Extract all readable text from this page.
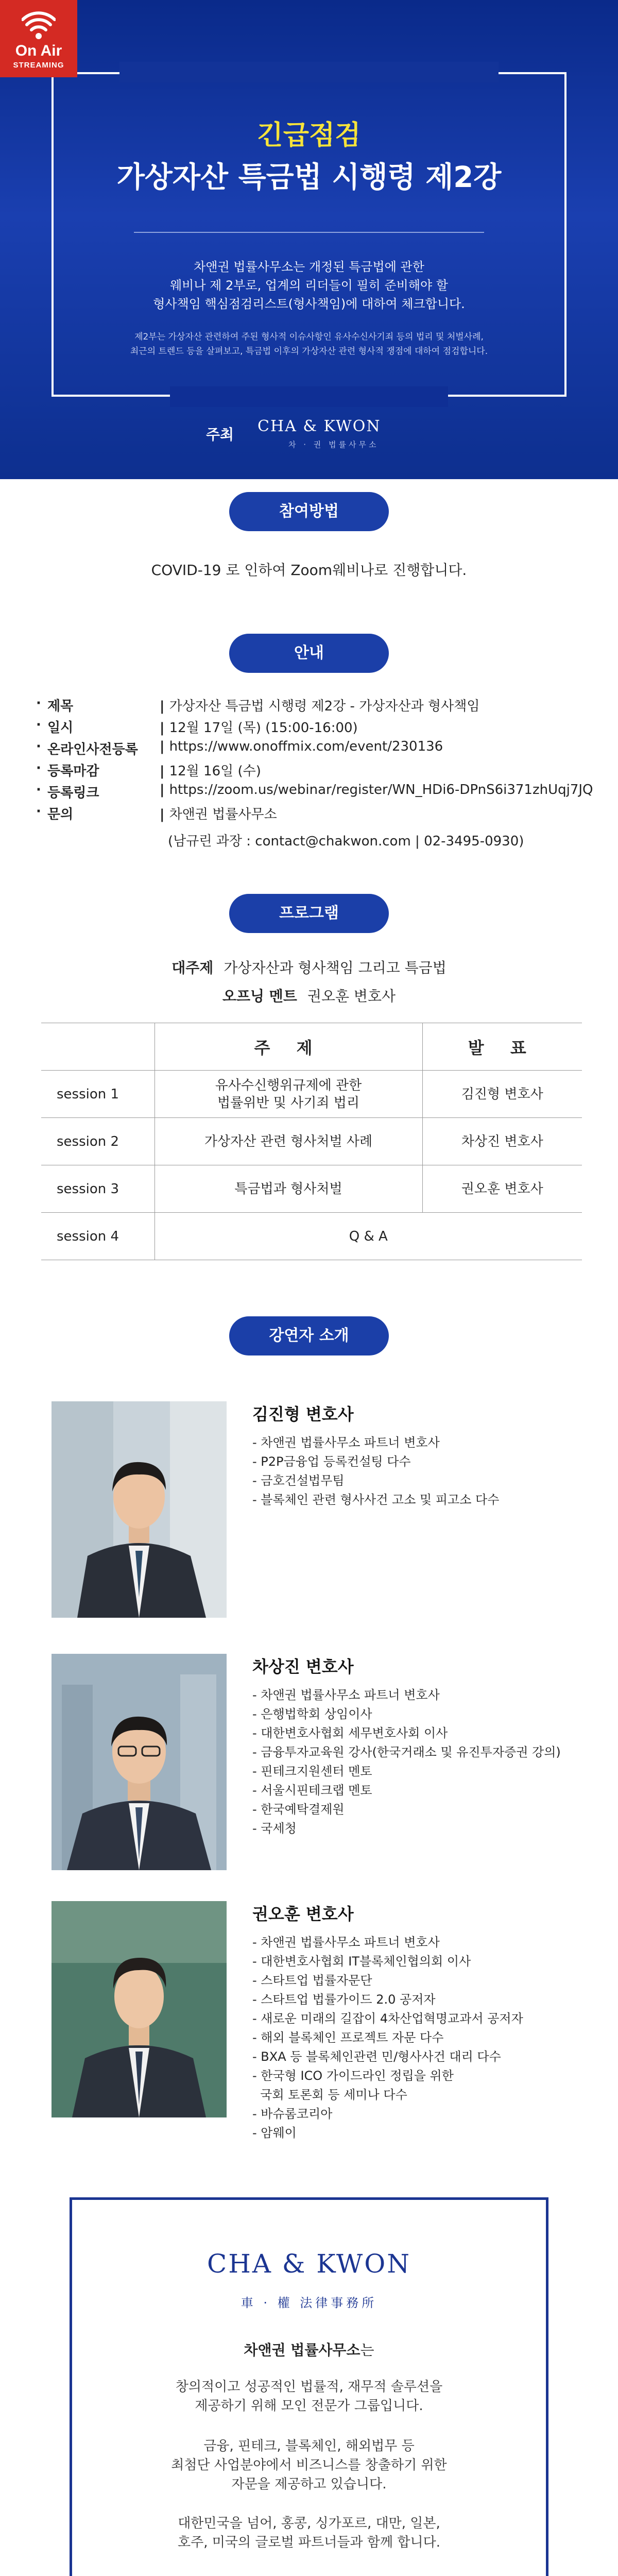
On Air
STREAMING
긴급점검
가상자산 특금법 시행령 제2강
차앤권 법률사무소는 개정된 특금법에 관한
웨비나 제 2부로, 업계의 리더들이 필히 준비해야 할
형사책임 핵심점검리스트(형사책임)에 대하여 체크합니다.
제2부는 가상자산 관련하여 주된 형사적 이슈사항인 유사수신사기죄 등의 법리 및 처벌사례,
최근의 트렌드 등을 살펴보고, 특금법 이후의 가상자산 관련 형사적 쟁점에 대하여 점검합니다.
주최 CHA & KWON
차 · 권 법률사무소
참여방법
COVID-19 로 인하여 Zoom웨비나로 진행합니다.
안내
· 제목	| 가상자산 특금법 시행령 제2강 - 가상자산과 형사책임
· 일시	| 12월 17일 (목) (15:00-16:00)
· 온라인사전등록	| https://www.onoffmix.com/event/230136
· 등록마감	| 12월 16일 (수)
· 등록링크	| https://zoom.us/webinar/register/WN_HDi6-DPnS6i371zhUqj7JQ
· 문의	| 차앤권 법률사무소
(남규린 과장 : contact@chakwon.com | 02-3495-0930)
프로그램
대주제 가상자산과 형사책임 그리고 특금법
오프닝 멘트 권오훈 변호사
	주 제	발 표
session 1	유사수신행위규제에 관한
법률위반 및 사기죄 법리	김진형 변호사
session 2	가상자산 관련 형사처벌 사례	차상진 변호사
session 3	특금법과 형사처벌	권오훈 변호사
session 4	Q & A	
강연자 소개
김진형 변호사
- 차앤권 법률사무소 파트너 변호사
- P2P금융업 등록컨설팅 다수
- 금호건설법무팀
- 블록체인 관련 형사사건 고소 및 피고소 다수
차상진 변호사
- 차앤권 법률사무소 파트너 변호사
- 은행법학회 상임이사
- 대한변호사협회 세무변호사회 이사
- 금융투자교육원 강사(한국거래소 및 유진투자증권 강의)
- 핀테크지원센터 멘토
- 서울시핀테크랩 멘토
- 한국예탁결제원
- 국세청
권오훈 변호사
- 차앤권 법률사무소 파트너 변호사
- 대한변호사협회 IT블록체인협의회 이사
- 스타트업 법률자문단
- 스타트업 법률가이드 2.0 공저자
- 새로운 미래의 길잡이 4차산업혁명교과서 공저자
- 해외 블록체인 프로젝트 자문 다수
- BXA 등 블록체인관련 민/형사사건 대리 다수
- 한국형 ICO 가이드라인 정립을 위한
국회 토론회 등 세미나 다수
- 바슈롬코리아
- 암웨이
CHA & KWON
車 · 權 法律事務所
차앤권 법률사무소는
창의적이고 성공적인 법률적, 재무적 솔루션을
제공하기 위해 모인 전문가 그룹입니다.
금융, 핀테크, 블록체인, 해외법무 등
최첨단 사업분야에서 비즈니스를 창출하기 위한
자문을 제공하고 있습니다.
대한민국을 넘어, 홍콩, 싱가포르, 대만, 일본,
호주, 미국의 글로벌 파트너들과 함께 합니다.
